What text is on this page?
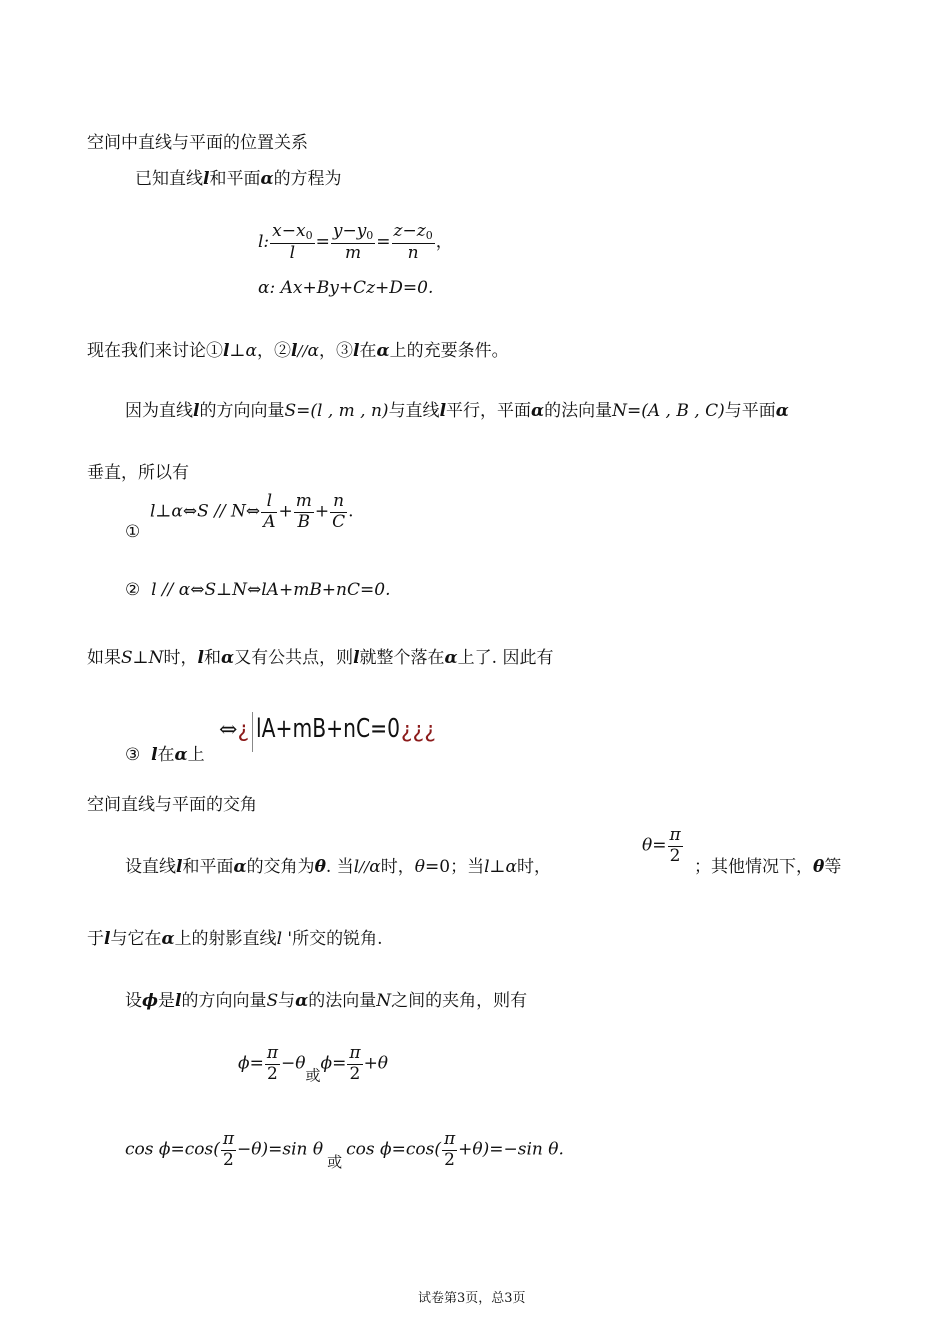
空间中直线与平面的位置关系
已知直线l和平面α的方程为
l: $\frac{x-x_0}{l} = \frac{y-y_0}{m} = \frac{z-z_0}{n}$ ，
α: Ax+By+Cz+D=0.
现在我们来讨论①l⊥α，②l//α，③l在α上的充要条件。
因为直线l的方向向量S=(l , m , n)与直线l平行，平面α的法向量N=(A , B , C)与平面α
垂直，所以有
①
l⊥α⇔S // N⇔ $\frac{l}{A} + \frac{m}{B} + \frac{n}{C}$ .
② l // α⇔S⊥N⇔lA+mB+nC=0.
如果S⊥N时，l和α又有公共点，则l就整个落在α上了. 因此有
③ l在α上
⇔¿ lA+mB+nC=0¿¿¿
空间直线与平面的交角
设直线l和平面α的交角为θ. 当l//α时，θ=0；当l⊥α时，
$\theta= \frac{\pi}{2}$
；其他情况下，θ等
于l与它在α上的射影直线l '所交的锐角.
设ϕ是l的方向向量S与α的法向量N之间的夹角，则有
$\phi= \frac{\pi}{2} -\theta$或$\phi= \frac{\pi}{2} +\theta$
$\cos \phi=\cos( \frac{\pi}{2} -\theta)=\sin$ θ或$\cos \phi=\cos( \frac{\pi}{2} +\theta)=-\sin$ θ.
试卷第3页，总3页
